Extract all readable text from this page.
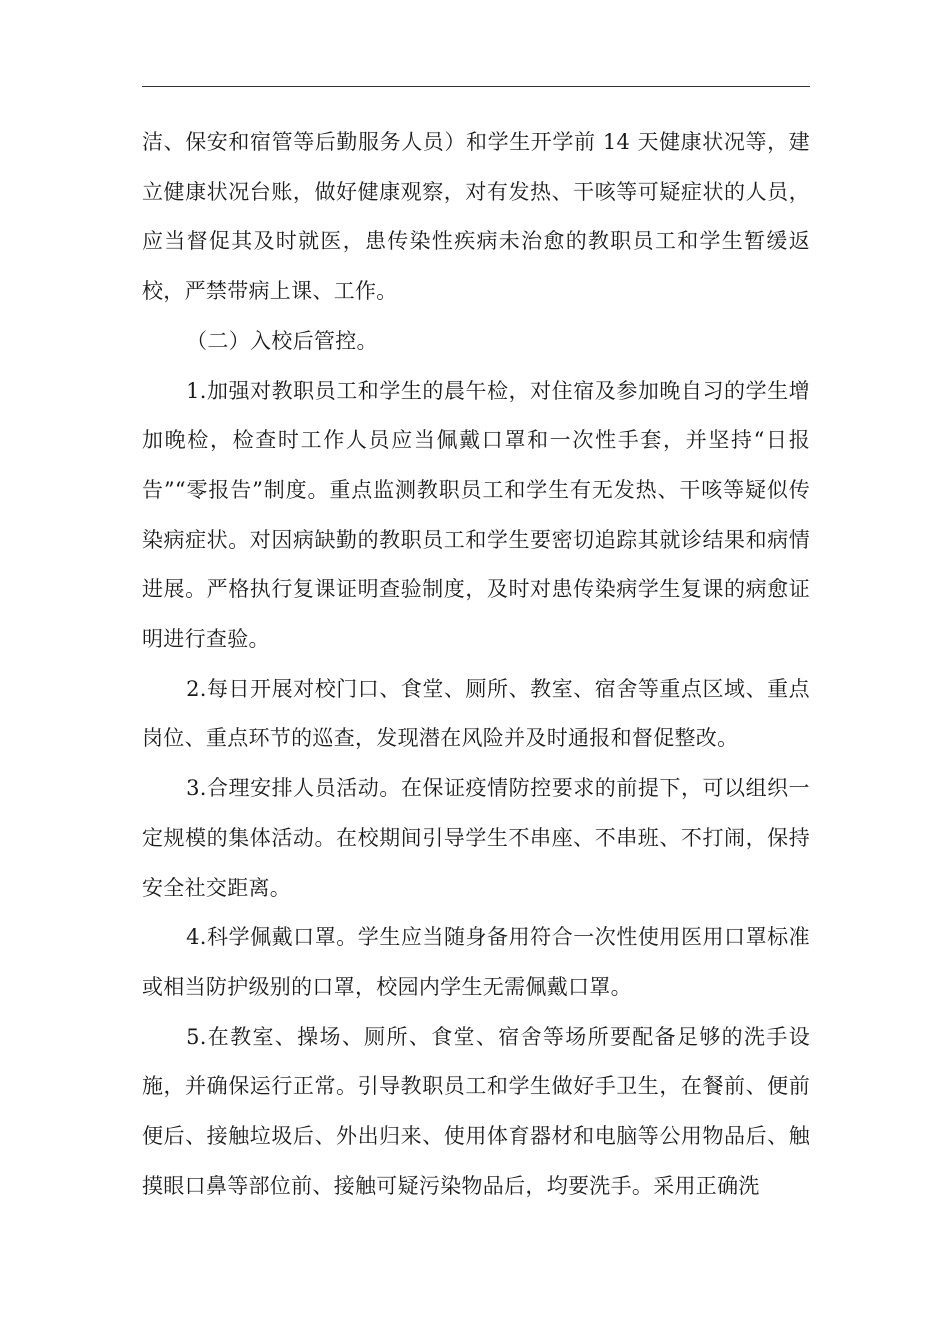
洁、保安和宿管等后勤服务人员）和学生开学前 14 天健康状况等，建立健康状况台账，做好健康观察，对有发热、干咳等可疑症状的人员，应当督促其及时就医，患传染性疾病未治愈的教职员工和学生暂缓返校，严禁带病上课、工作。

（二）入校后管控。

1.加强对教职员工和学生的晨午检，对住宿及参加晚自习的学生增加晚检，检查时工作人员应当佩戴口罩和一次性手套，并坚持“日报告”“零报告”制度。重点监测教职员工和学生有无发热、干咳等疑似传染病症状。对因病缺勤的教职员工和学生要密切追踪其就诊结果和病情进展。严格执行复课证明查验制度，及时对患传染病学生复课的病愈证明进行查验。

2.每日开展对校门口、食堂、厕所、教室、宿舍等重点区域、重点岗位、重点环节的巡查，发现潜在风险并及时通报和督促整改。

3.合理安排人员活动。在保证疫情防控要求的前提下，可以组织一定规模的集体活动。在校期间引导学生不串座、不串班、不打闹，保持安全社交距离。

4.科学佩戴口罩。学生应当随身备用符合一次性使用医用口罩标准或相当防护级别的口罩，校园内学生无需佩戴口罩。

5.在教室、操场、厕所、食堂、宿舍等场所要配备足够的洗手设施，并确保运行正常。引导教职员工和学生做好手卫生，在餐前、便前便后、接触垃圾后、外出归来、使用体育器材和电脑等公用物品后、触摸眼口鼻等部位前、接触可疑污染物品后，均要洗手。采用正确洗
